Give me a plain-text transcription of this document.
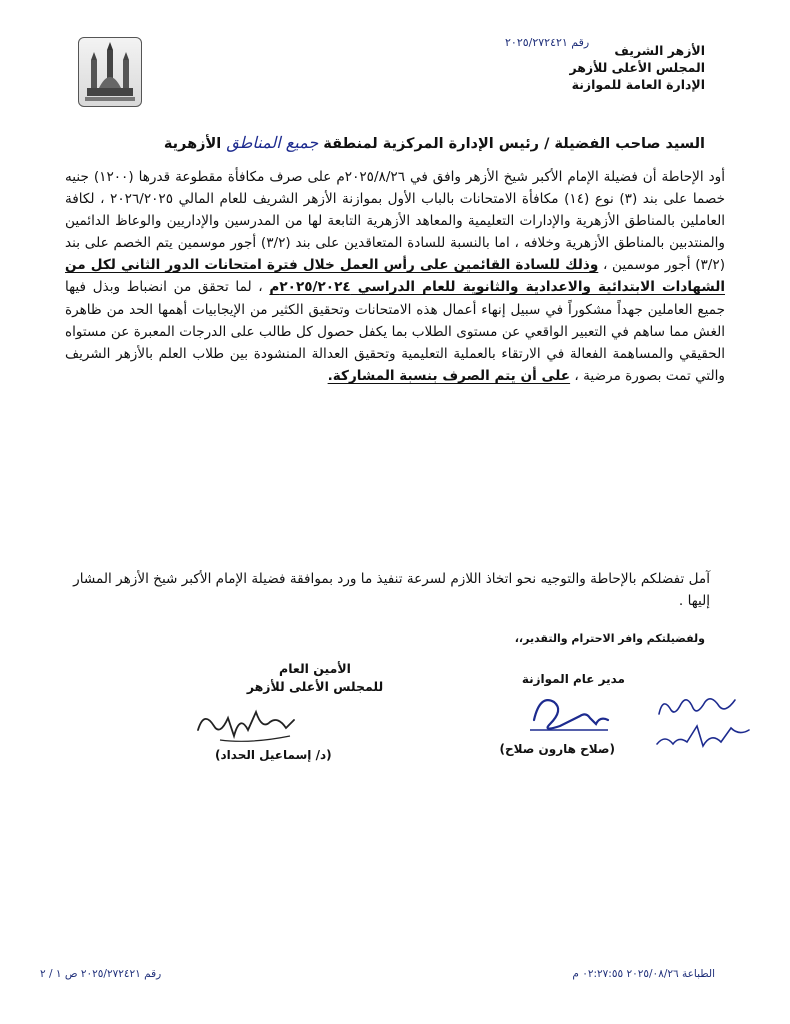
رقم ٢٠٢٥/٢٧٢٤٢١
الأزهر الشريف
المجلس الأعلى للأزهر
الإدارة العامة للموازنة
السيد صاحب الفضيلة / رئيس الإدارة المركزية لمنطقة جميع المناطق الأزهرية

أود الإحاطة أن فضيلة الإمام الأكبر شيخ الأزهر وافق في ٢٠٢٥/٨/٢٦م على صرف مكافأة مقطوعة قدرها (١٢٠٠) جنيه خصما على بند (٣) نوع (١٤) مكافأة الامتحانات بالباب الأول بموازنة الأزهر الشريف للعام المالي ٢٠٢٦/٢٠٢٥ ، لكافة العاملين بالمناطق الأزهرية والإدارات التعليمية والمعاهد الأزهرية التابعة لها من المدرسين والإداريين والوعاظ الدائمين والمنتدبين بالمناطق الأزهرية وخلافه ، اما بالنسبة للسادة المتعاقدين على بند (٣/٢) أجور موسمين يتم الخصم على بند (٣/٢) أجور موسمين ، وذلك للسادة القائمين على رأس العمل خلال فترة امتحانات الدور الثاني لكل من الشهادات الابتدائية والاعدادية والثانوية للعام الدراسي ٢٠٢٥/٢٠٢٤م ، لما تحقق من انضباط وبذل فيها جميع العاملين جهداً مشكوراً في سبيل إنهاء أعمال هذه الامتحانات وتحقيق الكثير من الإيجابيات أهمها الحد من ظاهرة الغش مما ساهم في التعبير الواقعي عن مستوى الطلاب بما يكفل حصول كل طالب على الدرجات المعبرة عن مستواه الحقيقي والمساهمة الفعالة في الارتقاء بالعملية التعليمية وتحقيق العدالة المنشودة بين طلاب العلم بالأزهر الشريف والتي تمت بصورة مرضية ، على أن يتم الصرف بنسبة المشاركة.

آمل تفضلكم بالإحاطة والتوجيه نحو اتخاذ اللازم لسرعة تنفيذ ما ورد بموافقة فضيلة الإمام الأكبر شيخ الأزهر المشار إليها .
ولفضيلتكم وافر الاحترام والتقدير،،
مدير عام الموازنة
(صلاح هارون صلاح)
الأمين العام
للمجلس الأعلى للأزهر
(د/ إسماعيل الحداد)
الطباعة ٢٠٢٥/٠٨/٢٦ ٠٢:٢٧:٥٥ م
رقم ٢٠٢٥/٢٧٢٤٢١ ص ١ / ٢
